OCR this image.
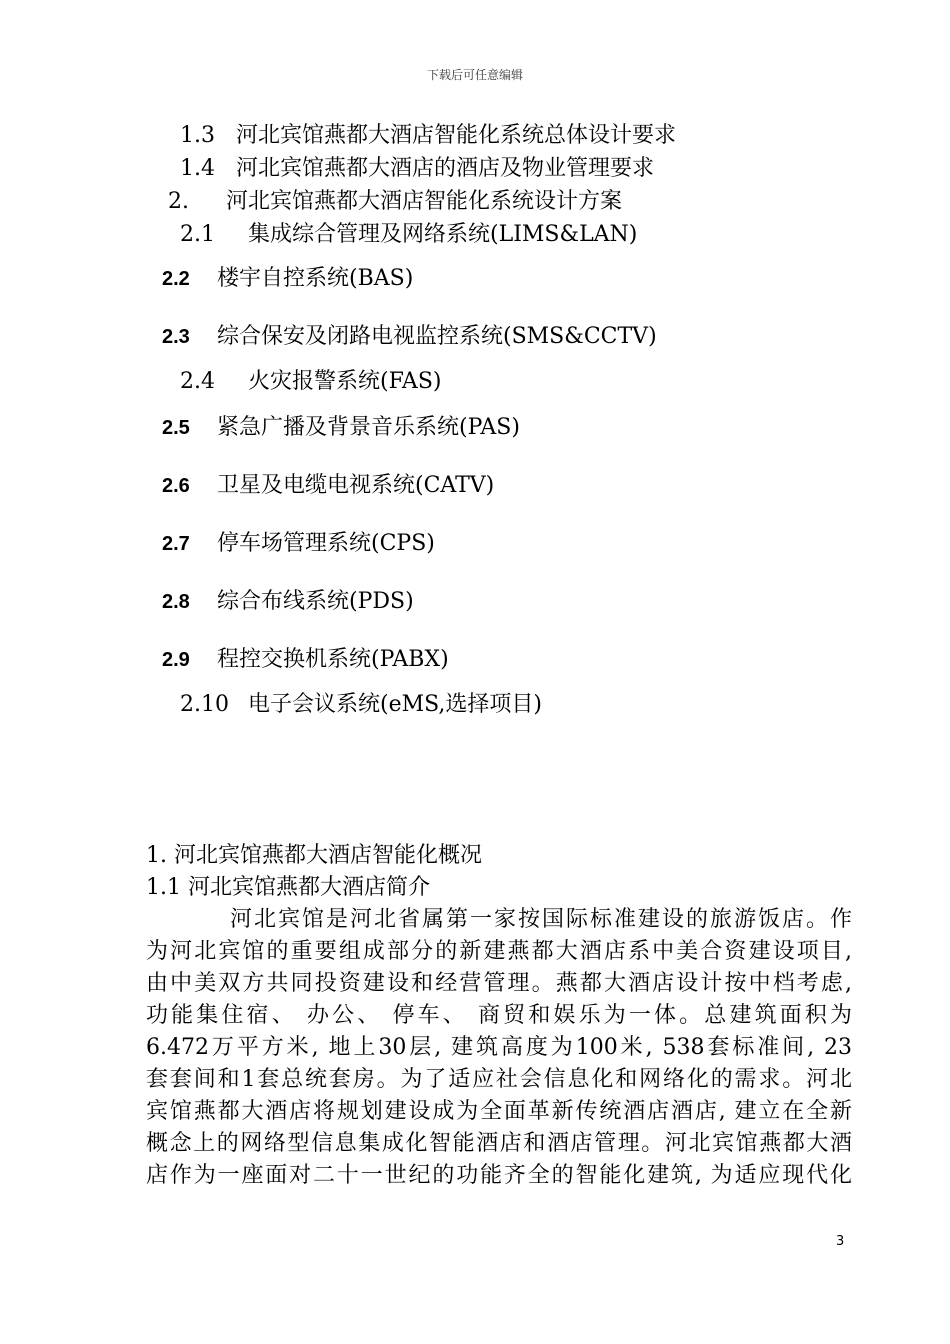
下载后可任意编辑
1.3 河北宾馆燕都大酒店智能化系统总体设计要求
1.4 河北宾馆燕都大酒店的酒店及物业管理要求
2. 河北宾馆燕都大酒店智能化系统设计方案
2.1 集成综合管理及网络系统(LIMS&LAN)
2.2 楼宇自控系统(BAS)
2.3 综合保安及闭路电视监控系统(SMS&CCTV)
2.4 火灾报警系统(FAS)
2.5 紧急广播及背景音乐系统(PAS)
2.6 卫星及电缆电视系统(CATV)
2.7 停车场管理系统(CPS)
2.8 综合布线系统(PDS)
2.9 程控交换机系统(PABX)
2.10 电子会议系统(eMS,选择项目)
1. 河北宾馆燕都大酒店智能化概况
1.1 河北宾馆燕都大酒店简介
河北宾馆是河北省属第一家按国际标准建设的旅游饭店。作
为河北宾馆的重要组成部分的新建燕都大酒店系中美合资建设项目,
由中美双方共同投资建设和经营管理。燕都大酒店设计按中档考虑,
功能集住宿、 办公、 停车、 商贸和娱乐为一体。总建筑面积为
6.472万平方米, 地上30层, 建筑高度为100米, 538套标准间, 23
套套间和1套总统套房。为了适应社会信息化和网络化的需求。河北
宾馆燕都大酒店将规划建设成为全面革新传统酒店酒店, 建立在全新
概念上的网络型信息集成化智能酒店和酒店管理。河北宾馆燕都大酒
店作为一座面对二十一世纪的功能齐全的智能化建筑, 为适应现代化
3
